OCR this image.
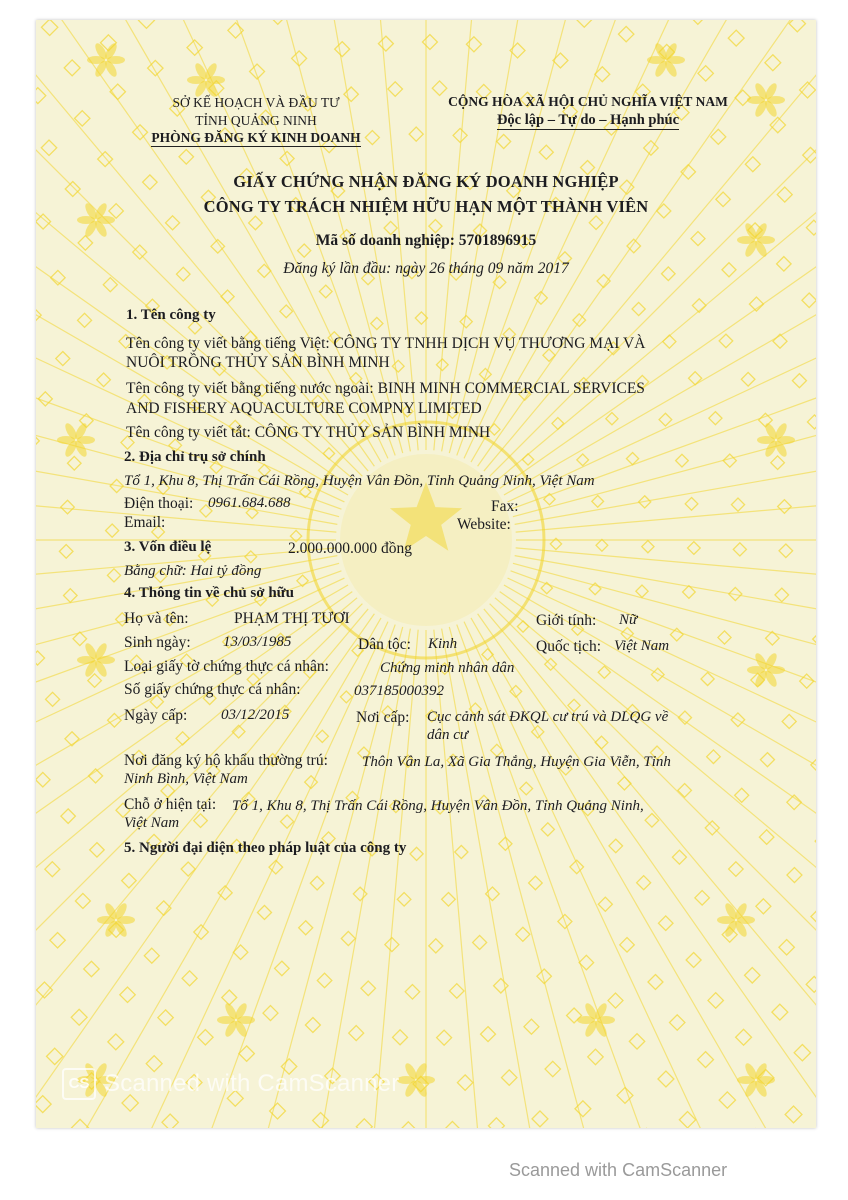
SỞ KẾ HOẠCH VÀ ĐẦU TƯ
TỈNH QUẢNG NINH
PHÒNG ĐĂNG KÝ KINH DOANH
CỘNG HÒA XÃ HỘI CHỦ NGHĨA VIỆT NAM
Độc lập – Tự do – Hạnh phúc
GIẤY CHỨNG NHẬN ĐĂNG KÝ DOANH NGHIỆP
CÔNG TY TRÁCH NHIỆM HỮU HẠN MỘT THÀNH VIÊN
Mã số doanh nghiệp: 5701896915
Đăng ký lần đầu: ngày 26 tháng 09 năm 2017
1. Tên công ty
Tên công ty viết bằng tiếng Việt: CÔNG TY TNHH DỊCH VỤ THƯƠNG MẠI VÀ
NUÔI TRỒNG THỦY SẢN BÌNH MINH
Tên công ty viết bằng tiếng nước ngoài: BINH MINH COMMERCIAL SERVICES
AND FISHERY AQUACULTURE COMPNY LIMITED
Tên công ty viết tắt: CÔNG TY THỦY SẢN BÌNH MINH
2. Địa chỉ trụ sở chính
Tổ 1, Khu 8, Thị Trấn Cái Rồng, Huyện Vân Đồn, Tỉnh Quảng Ninh, Việt Nam
Điện thoại: 0961.684.688	Fax:
Email:	Website:
3. Vốn điều lệ	2.000.000.000 đồng
Bằng chữ: Hai tỷ đồng
4. Thông tin về chủ sở hữu
Họ và tên:	PHẠM THỊ TƯƠI	Giới tính: Nữ
Sinh ngày: 13/03/1985	Dân tộc: Kinh	Quốc tịch: Việt Nam
Loại giấy tờ chứng thực cá nhân:	Chứng minh nhân dân
Số giấy chứng thực cá nhân:	037185000392
Ngày cấp: 03/12/2015	Nơi cấp: Cục cảnh sát ĐKQL cư trú và DLQG về
dân cư
Nơi đăng ký hộ khẩu thường trú: Thôn Vân La, Xã Gia Thắng, Huyện Gia Viễn, Tỉnh
Ninh Bình, Việt Nam
Chỗ ở hiện tại: Tổ 1, Khu 8, Thị Trấn Cái Rồng, Huyện Vân Đồn, Tỉnh Quảng Ninh,
Việt Nam
5. Người đại diện theo pháp luật của công ty
CS Scanned with CamScanner
Scanned with CamScanner
